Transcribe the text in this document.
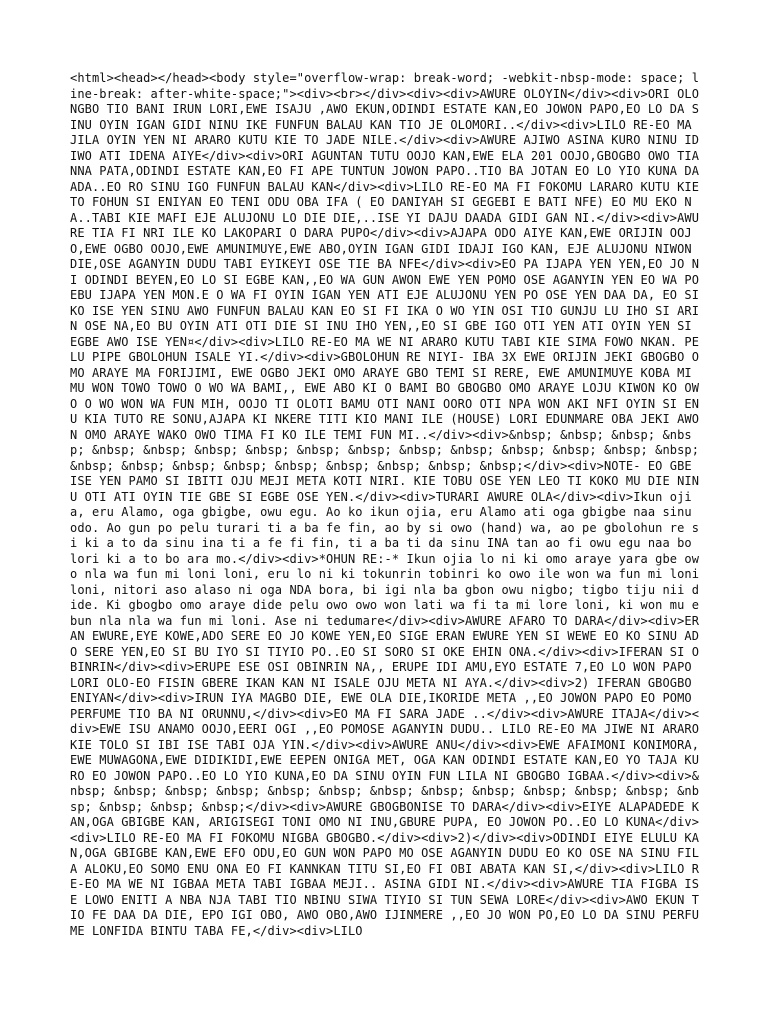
<html><head></head><body style="overflow-wrap: break-word; -webkit-nbsp-mode: space; line-break: after-white-space;"><div><br></div><div><div>AWURE OLOYIN</div><div>ORI OLONGBO TIO BANI IRUN LORI,EWE ISAJU ,AWO EKUN,ODINDI ESTATE KAN,EO JOWON PAPO,EO LO DA SINU OYIN IGAN GIDI NINU IKE FUNFUN BALAU KAN TIO JE OLOMORI..</div><div>LILO RE-EO MA JILA OYIN YEN NI ARARO KUTU KIE TO JADE NILE.</div><div>AWURE AJIWO ASINA KURO NINU IDIWO ATI IDENA AIYE</div><div>ORI AGUNTAN TUTU OOJO KAN,EWE ELA 201 OOJO,GBOGBO OWO TIA NNA PATA,ODINDI ESTATE KAN,EO FI APE TUNTUN JOWON PAPO..TIO BA JOTAN EO LO YIO KUNA DAADA..EO RO SINU IGO FUNFUN BALAU KAN</div><div>LILO RE-EO MA FI FOKOMU LARARO KUTU KIE TO FOHUN SI ENIYAN EO TENI ODU OBA IFA ( EO DANIYAH SI GEGEBI E BATI NFE) EO MU EKO NA..TABI KIE MAFI EJE ALUJONU LO DIE DIE,..ISE YI DAJU DAADA GIDI GAN NI.</div><div>AWURE TIA FI NRI ILE KO LAKOPARI O DARA PUPO</div><div>AJAPA ODO AIYE KAN,EWE ORIJIN OOJO,EWE OGBO OOJO,EWE AMUNIMUYE,EWE ABO,OYIN IGAN GIDI IDAJI IGO KAN, EJE ALUJONU NIWON DIE,OSE AGANYIN DUDU TABI EYIKEYI OSE TIE BA NFE</div><div>EO PA IJAPA YEN YEN,EO JO NI ODINDI BEYEN,EO LO SI EGBE KAN,,EO WA GUN AWON EWE YEN POMO OSE AGANYIN YEN EO WA PO EBU IJAPA YEN MON.E O WA FI OYIN IGAN YEN ATI EJE ALUJONU YEN PO OSE YEN DAA DA, EO SIKO ISE YEN SINU AWO FUNFUN BALAU KAN EO SI FI IKA O WO YIN OSI TIO GUNJU LU IHO SI ARIN OSE NA,EO BU OYIN ATI OTI DIE SI INU IHO YEN,,EO SI GBE IGO OTI YEN ATI OYIN YEN SI EGBE AWO ISE YEN¤</div><div>LILO RE-EO MA WE NI ARARO KUTU TABI KIE SIMA FOWO NKAN. PELU PIPE GBOLOHUN ISALE YI.</div><div>GBOLOHUN RE NIYI- IBA 3X EWE ORIJIN JEKI GBOGBO OMO ARAYE MA FORIJIMI, EWE OGBO JEKI OMO ARAYE GBO TEMI SI RERE, EWE AMUNIMUYE KOBA MI MU WON TOWO TOWO O WO WA BAMI,, EWE ABO KI O BAMI BO GBOGBO OMO ARAYE LOJU KIWON KO OWO O WO WON WA FUN MIH, OOJO TI OLOTI BAMU OTI NANI OORO OTI NPA WON AKI NFI OYIN SI ENU KIA TUTO RE SONU,AJAPA KI NKERE TITI KIO MANI ILE (HOUSE) LORI EDUNMARE OBA JEKI AWON OMO ARAYE WAKO OWO TIMA FI KO ILE TEMI FUN MI..</div><div>&nbsp; &nbsp; &nbsp; &nbsp; &nbsp; &nbsp; &nbsp; &nbsp; &nbsp; &nbsp; &nbsp; &nbsp; &nbsp; &nbsp; &nbsp; &nbsp; &nbsp; &nbsp; &nbsp; &nbsp; &nbsp; &nbsp; &nbsp; &nbsp; &nbsp;</div><div>NOTE- EO GBE ISE YEN PAMO SI IBITI OJU MEJI META KOTI NIRI. KIE TOBU OSE YEN LEO TI KOKO MU DIE NINU OTI ATI OYIN TIE GBE SI EGBE OSE YEN.</div><div>TURARI AWURE OLA</div><div>Ikun ojia, eru Alamo, oga gbigbe, owu egu. Ao ko ikun ojia, eru Alamo ati oga gbigbe naa sinu odo. Ao gun po pelu turari ti a ba fe fin, ao by si owo (hand) wa, ao pe gbolohun re si ki a to da sinu ina ti a fe fi fin, ti a ba ti da sinu INA tan ao fi owu egu naa bo lori ki a to bo ara mo.</div><div>*OHUN RE:-* Ikun ojia lo ni ki omo araye yara gbe owo nla wa fun mi loni loni, eru lo ni ki tokunrin tobinri ko owo ile won wa fun mi loni loni, nitori aso alaso ni oga NDA bora, bi igi nla ba gbon owu nigbo; tigbo tiju nii dide. Ki gbogbo omo araye dide pelu owo owo won lati wa fi ta mi lore loni, ki won mu ebun nla nla wa fun mi loni. Ase ni tedumare</div><div>AWURE AFARO TO DARA</div><div>ERAN EWURE,EYE KOWE,ADO SERE EO JO KOWE YEN,EO SIGE ERAN EWURE YEN SI WEWE EO KO SINU ADO SERE YEN,EO SI BU IYO SI TIYIO PO..EO SI SORO SI OKE EHIN ONA.</div><div>IFERAN SI OBINRIN</div><div>ERUPE ESE OSI OBINRIN NA,, ERUPE IDI AMU,EYO ESTATE 7,EO LO WON PAPO LORI OLO-EO FISIN GBERE IKAN KAN NI ISALE OJU META NI AYA.</div><div>2) IFERAN GBOGBO ENIYAN</div><div>IRUN IYA MAGBO DIE, EWE OLA DIE,IKORIDE META ,,EO JOWON PAPO EO POMO PERFUME TIO BA NI ORUNNU,</div><div>EO MA FI SARA JADE ..</div><div>AWURE ITAJA</div><div>EWE ISU ANAMO OOJO,EERI OGI ,,EO POMOSE AGANYIN DUDU.. LILO RE-EO MA JIWE NI ARARO KIE TOLO SI IBI ISE TABI OJA YIN.</div><div>AWURE ANU</div><div>EWE AFAIMONI KONIMORA,EWE MUWAGONA,EWE DIDIKIDI,EWE EEPEN ONIGA MET, OGA KAN ODINDI ESTATE KAN,EO YO TAJA KURO EO JOWON PAPO..EO LO YIO KUNA,EO DA SINU OYIN FUN LILA NI GBOGBO IGBAA.</div><div>&nbsp; &nbsp; &nbsp; &nbsp; &nbsp; &nbsp; &nbsp; &nbsp; &nbsp; &nbsp; &nbsp; &nbsp; &nbsp; &nbsp; &nbsp; &nbsp;</div><div>AWURE GBOGBONISE TO DARA</div><div>EIYE ALAPADEDE KAN,OGA GBIGBE KAN, ARIGISEGI TONI OMO NI INU,GBURE PUPA, EO JOWON PO..EO LO KUNA</div><div>LILO RE-EO MA FI FOKOMU NIGBA GBOGBO.</div><div>2)</div><div>ODINDI EIYE ELULU KAN,OGA GBIGBE KAN,EWE EFO ODU,EO GUN WON PAPO MO OSE AGANYIN DUDU EO KO OSE NA SINU FILA ALOKU,EO SOMO ENU ONA EO FI KANNKAN TITU SI,EO FI OBI ABATA KAN SI,</div><div>LILO RE-EO MA WE NI IGBAA META TABI IGBAA MEJI.. ASINA GIDI NI.</div><div>AWURE TIA FIGBA ISE LOWO ENITI A NBA NJA TABI TIO NBINU SIWA TIYIO SI TUN SEWA LORE</div><div>AWO EKUN TIO FE DAA DA DIE, EPO IGI OBO, AWO OBO,AWO IJINMERE ,,EO JO WON PO,EO LO DA SINU PERFUME LONFIDA BINTU TABA FE,</div><div>LILO
